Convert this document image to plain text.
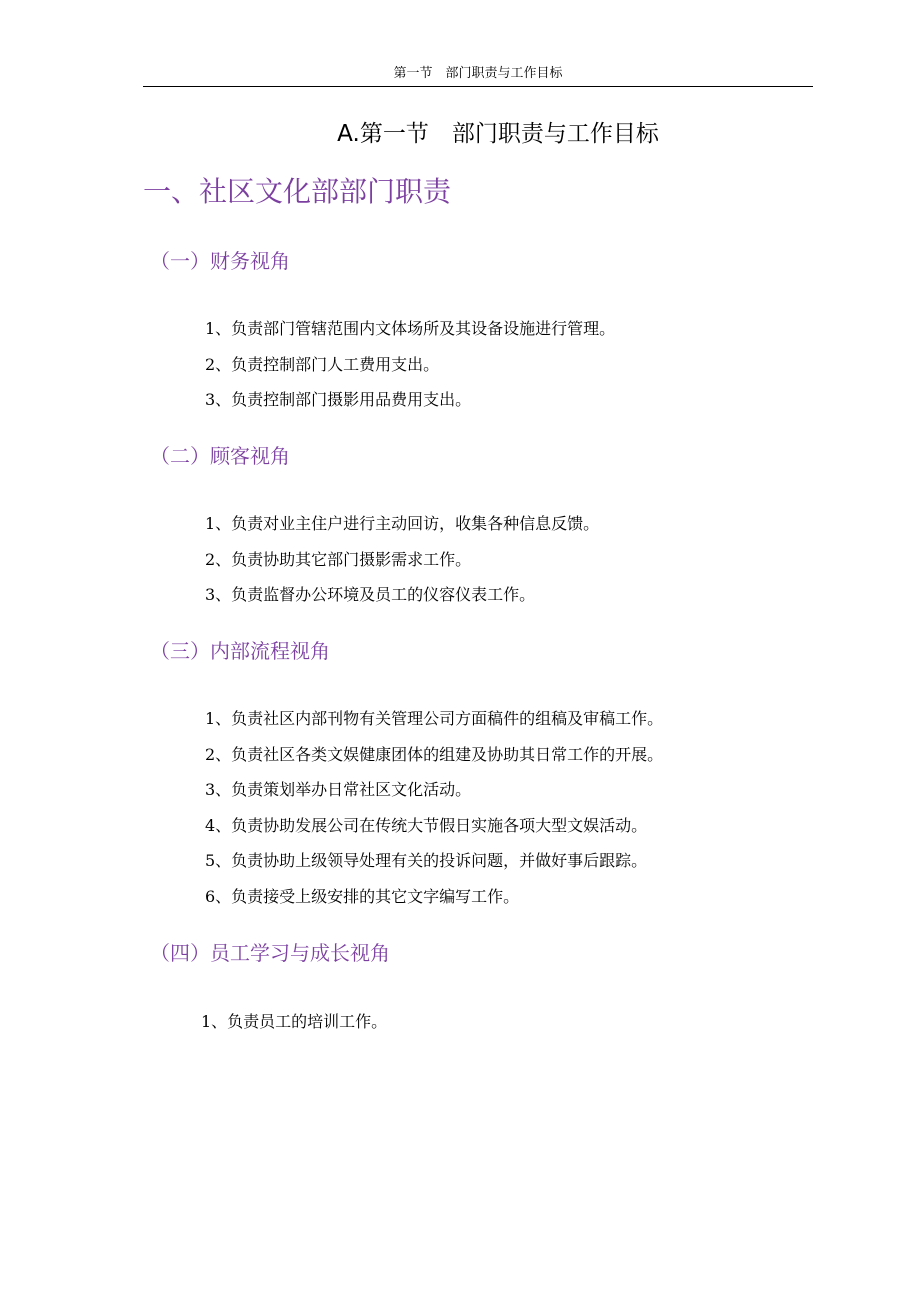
第一节　部门职责与工作目标
A.第一节　部门职责与工作目标
一、社区文化部部门职责
（一）财务视角
1、负责部门管辖范围内文体场所及其设备设施进行管理。
2、负责控制部门人工费用支出。
3、负责控制部门摄影用品费用支出。
（二）顾客视角
1、负责对业主住户进行主动回访，收集各种信息反馈。
2、负责协助其它部门摄影需求工作。
3、负责监督办公环境及员工的仪容仪表工作。
（三）内部流程视角
1、负责社区内部刊物有关管理公司方面稿件的组稿及审稿工作。
2、负责社区各类文娱健康团体的组建及协助其日常工作的开展。
3、负责策划举办日常社区文化活动。
4、负责协助发展公司在传统大节假日实施各项大型文娱活动。
5、负责协助上级领导处理有关的投诉问题，并做好事后跟踪。
6、负责接受上级安排的其它文字编写工作。
（四）员工学习与成长视角
1、负责员工的培训工作。
